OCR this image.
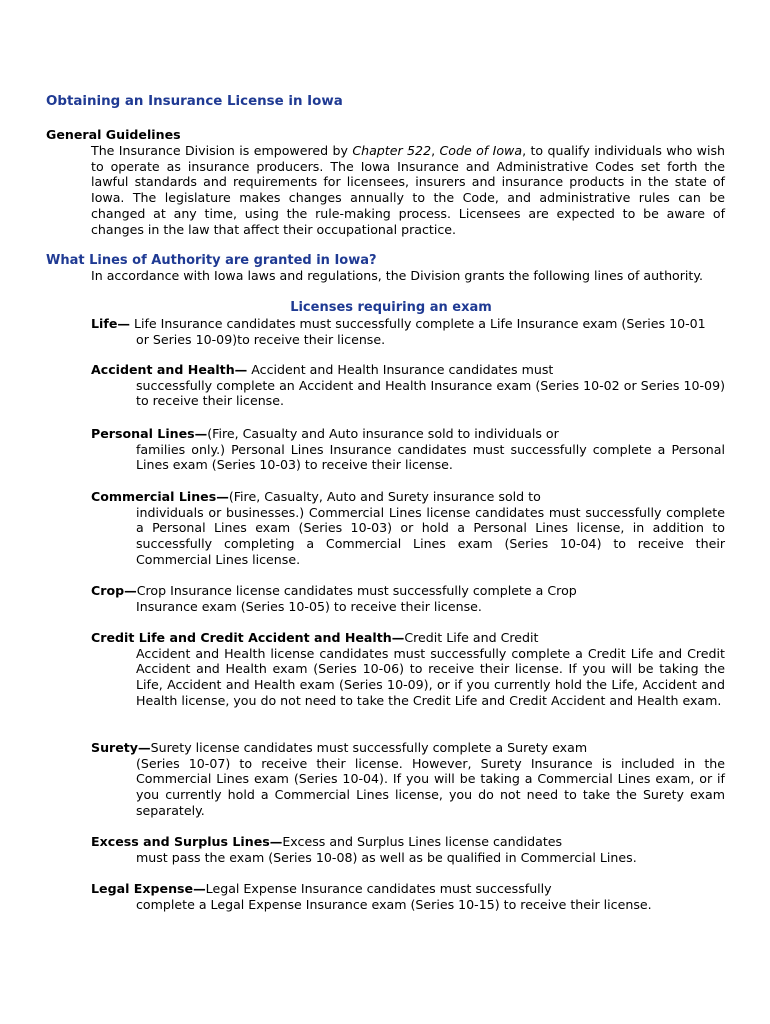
Obtaining an Insurance License in Iowa
General Guidelines

The Insurance Division is empowered by Chapter 522, Code of Iowa, to qualify individuals who wish to operate as insurance producers. The Iowa Insurance and Administrative Codes set forth the lawful standards and requirements for licensees, insurers and insurance products in the state of Iowa. The legislature makes changes annually to the Code, and administrative rules can be changed at any time, using the rule-making process. Licensees are expected to be aware of changes in the law that affect their occupational practice.

What Lines of Authority are granted in Iowa?

In accordance with Iowa laws and regulations, the Division grants the following lines of authority.

Licenses requiring an exam
Life— Life Insurance candidates must successfully complete a Life Insurance exam (Series 10-01
or Series 10-09)to receive their license.
Accident and Health— Accident and Health Insurance candidates must
successfully complete an Accident and Health Insurance exam (Series 10-02 or Series 10-09) to receive their license.
Personal Lines—(Fire, Casualty and Auto insurance sold to individuals or
families only.) Personal Lines Insurance candidates must successfully complete a Personal Lines exam (Series 10-03) to receive their license.
Commercial Lines—(Fire, Casualty, Auto and Surety insurance sold to
individuals or businesses.) Commercial Lines license candidates must successfully complete a Personal Lines exam (Series 10-03) or hold a Personal Lines license, in addition to successfully completing a Commercial Lines exam (Series 10-04) to receive their Commercial Lines license.
Crop—Crop Insurance license candidates must successfully complete a Crop
Insurance exam (Series 10-05) to receive their license.
Credit Life and Credit Accident and Health—Credit Life and Credit
Accident and Health license candidates must successfully complete a Credit Life and Credit Accident and Health exam (Series 10-06) to receive their license. If you will be taking the Life, Accident and Health exam (Series 10-09), or if you currently hold the Life, Accident and Health license, you do not need to take the Credit Life and Credit Accident and Health exam.
Surety—Surety license candidates must successfully complete a Surety exam
(Series 10-07) to receive their license. However, Surety Insurance is included in the Commercial Lines exam (Series 10-04). If you will be taking a Commercial Lines exam, or if you currently hold a Commercial Lines license, you do not need to take the Surety exam separately.
Excess and Surplus Lines—Excess and Surplus Lines license candidates
must pass the exam (Series 10-08) as well as be qualified in Commercial Lines.
Legal Expense—Legal Expense Insurance candidates must successfully
complete a Legal Expense Insurance exam (Series 10-15) to receive their license.
